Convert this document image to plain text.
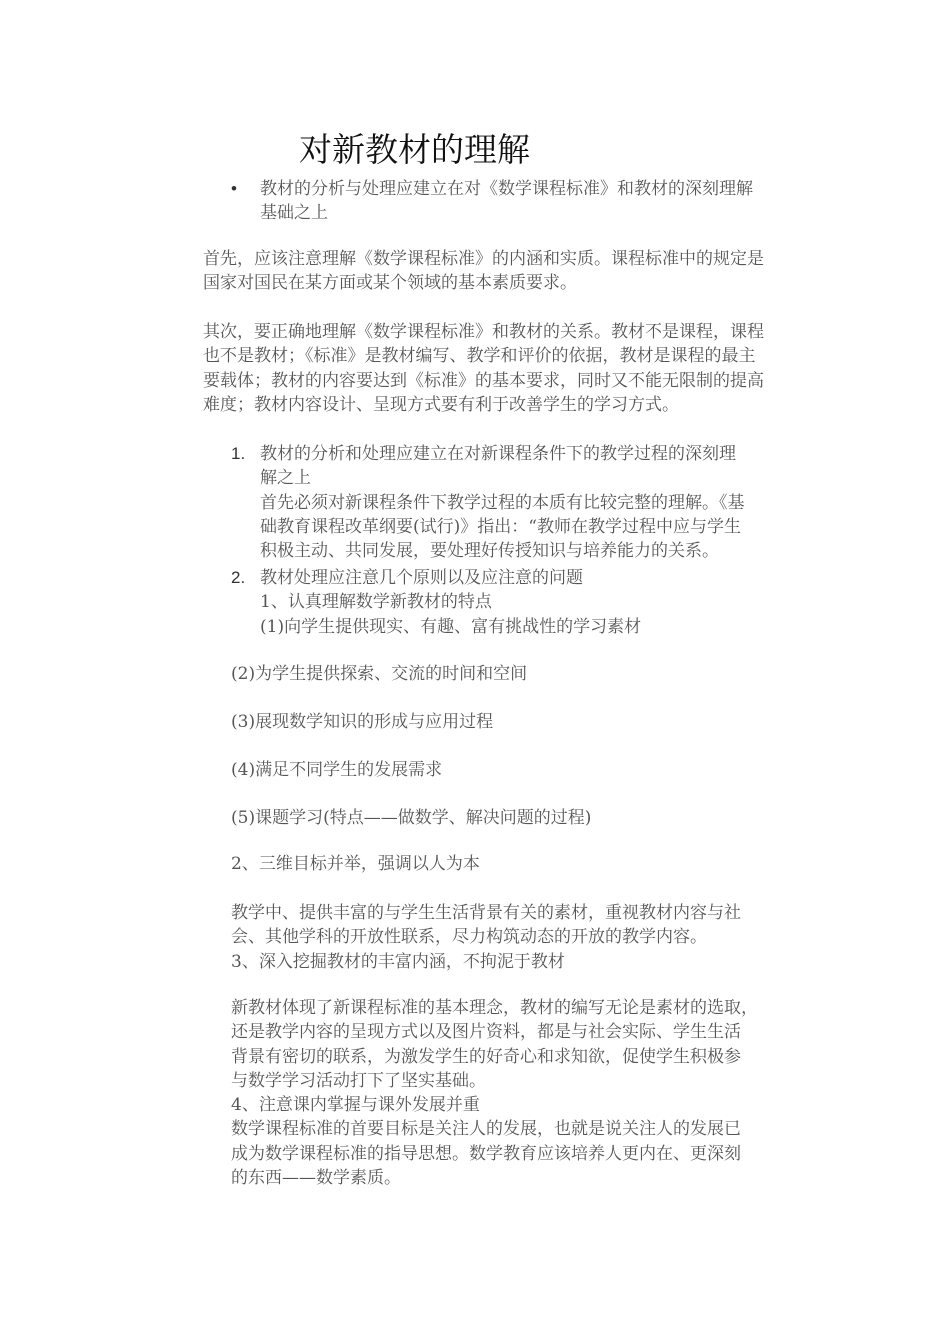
对新教材的理解
• 教材的分析与处理应建立在对《数学课程标准》和教材的深刻理解
基础之上
首先，应该注意理解《数学课程标准》的内涵和实质。课程标准中的规定是
国家对国民在某方面或某个领域的基本素质要求。
其次，要正确地理解《数学课程标准》和教材的关系。教材不是课程，课程
也不是教材；《标准》是教材编写、教学和评价的依据，教材是课程的最主
要载体；教材的内容要达到《标准》的基本要求，同时又不能无限制的提高
难度；教材内容设计、呈现方式要有利于改善学生的学习方式。
1. 教材的分析和处理应建立在对新课程条件下的教学过程的深刻理
解之上
首先必须对新课程条件下教学过程的本质有比较完整的理解。《基
础教育课程改革纲要(试行)》指出：“教师在教学过程中应与学生
积极主动、共同发展，要处理好传授知识与培养能力的关系。
2. 教材处理应注意几个原则以及应注意的问题
1、认真理解数学新教材的特点
(1)向学生提供现实、有趣、富有挑战性的学习素材
(2)为学生提供探索、交流的时间和空间
(3)展现数学知识的形成与应用过程
(4)满足不同学生的发展需求
(5)课题学习(特点——做数学、解决问题的过程)
2、三维目标并举，强调以人为本
教学中、提供丰富的与学生生活背景有关的素材，重视教材内容与社
会、其他学科的开放性联系，尽力构筑动态的开放的教学内容。
3、深入挖掘教材的丰富内涵，不拘泥于教材
新教材体现了新课程标准的基本理念，教材的编写无论是素材的选取，
还是教学内容的呈现方式以及图片资料，都是与社会实际、学生生活
背景有密切的联系，为激发学生的好奇心和求知欲，促使学生积极参
与数学学习活动打下了坚实基础。
4、注意课内掌握与课外发展并重
数学课程标准的首要目标是关注人的发展，也就是说关注人的发展已
成为数学课程标准的指导思想。数学教育应该培养人更内在、更深刻
的东西——数学素质。
